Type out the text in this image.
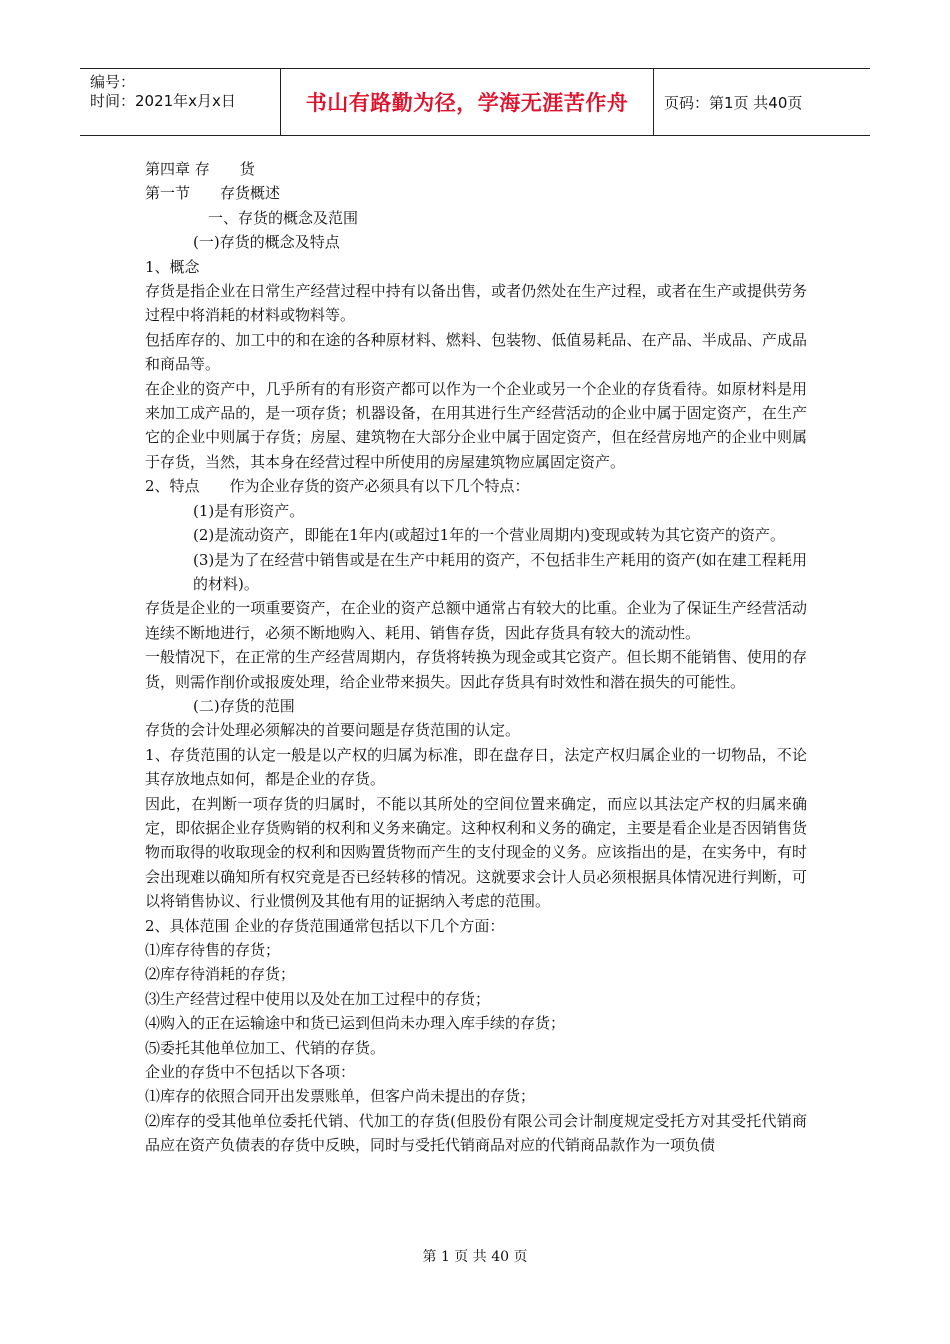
编号：
时间：2021年x月x日	书山有路勤为径，学海无涯苦作舟	页码：第1页 共40页

第四章 存　　货

第一节　　存货概述

　一、存货的概念及范围

(一)存货的概念及特点

1、概念

存货是指企业在日常生产经营过程中持有以备出售，或者仍然处在生产过程，或者在生产或提供劳务过程中将消耗的材料或物料等。

包括库存的、加工中的和在途的各种原材料、燃料、包装物、低值易耗品、在产品、半成品、产成品和商品等。

在企业的资产中，几乎所有的有形资产都可以作为一个企业或另一个企业的存货看待。如原材料是用来加工成产品的，是一项存货；机器设备，在用其进行生产经营活动的企业中属于固定资产，在生产它的企业中则属于存货；房屋、建筑物在大部分企业中属于固定资产，但在经营房地产的企业中则属于存货，当然，其本身在经营过程中所使用的房屋建筑物应属固定资产。

2、特点　　作为企业存货的资产必须具有以下几个特点：

(1)是有形资产。

(2)是流动资产，即能在1年内(或超过1年的一个营业周期内)变现或转为其它资产的资产。

(3)是为了在经营中销售或是在生产中耗用的资产，不包括非生产耗用的资产(如在建工程耗用的材料)。

存货是企业的一项重要资产，在企业的资产总额中通常占有较大的比重。企业为了保证生产经营活动连续不断地进行，必须不断地购入、耗用、销售存货，因此存货具有较大的流动性。

一般情况下，在正常的生产经营周期内，存货将转换为现金或其它资产。但长期不能销售、使用的存货，则需作削价或报废处理，给企业带来损失。因此存货具有时效性和潜在损失的可能性。

(二)存货的范围

存货的会计处理必须解决的首要问题是存货范围的认定。

1、存货范围的认定一般是以产权的归属为标准，即在盘存日，法定产权归属企业的一切物品，不论其存放地点如何，都是企业的存货。

因此，在判断一项存货的归属时，不能以其所处的空间位置来确定，而应以其法定产权的归属来确定，即依据企业存货购销的权利和义务来确定。这种权利和义务的确定，主要是看企业是否因销售货物而取得的收取现金的权利和因购置货物而产生的支付现金的义务。应该指出的是，在实务中，有时会出现难以确知所有权究竟是否已经转移的情况。这就要求会计人员必须根据具体情况进行判断，可以将销售协议、行业惯例及其他有用的证据纳入考虑的范围。

2、具体范围 企业的存货范围通常包括以下几个方面：

⑴库存待售的存货；

⑵库存待消耗的存货；

⑶生产经营过程中使用以及处在加工过程中的存货；

⑷购入的正在运输途中和货已运到但尚未办理入库手续的存货；

⑸委托其他单位加工、代销的存货。

企业的存货中不包括以下各项：

⑴库存的依照合同开出发票账单，但客户尚未提出的存货；

⑵库存的受其他单位委托代销、代加工的存货(但股份有限公司会计制度规定受托方对其受托代销商品应在资产负债表的存货中反映，同时与受托代销商品对应的代销商品款作为一项负债

第 1 页 共 40 页
